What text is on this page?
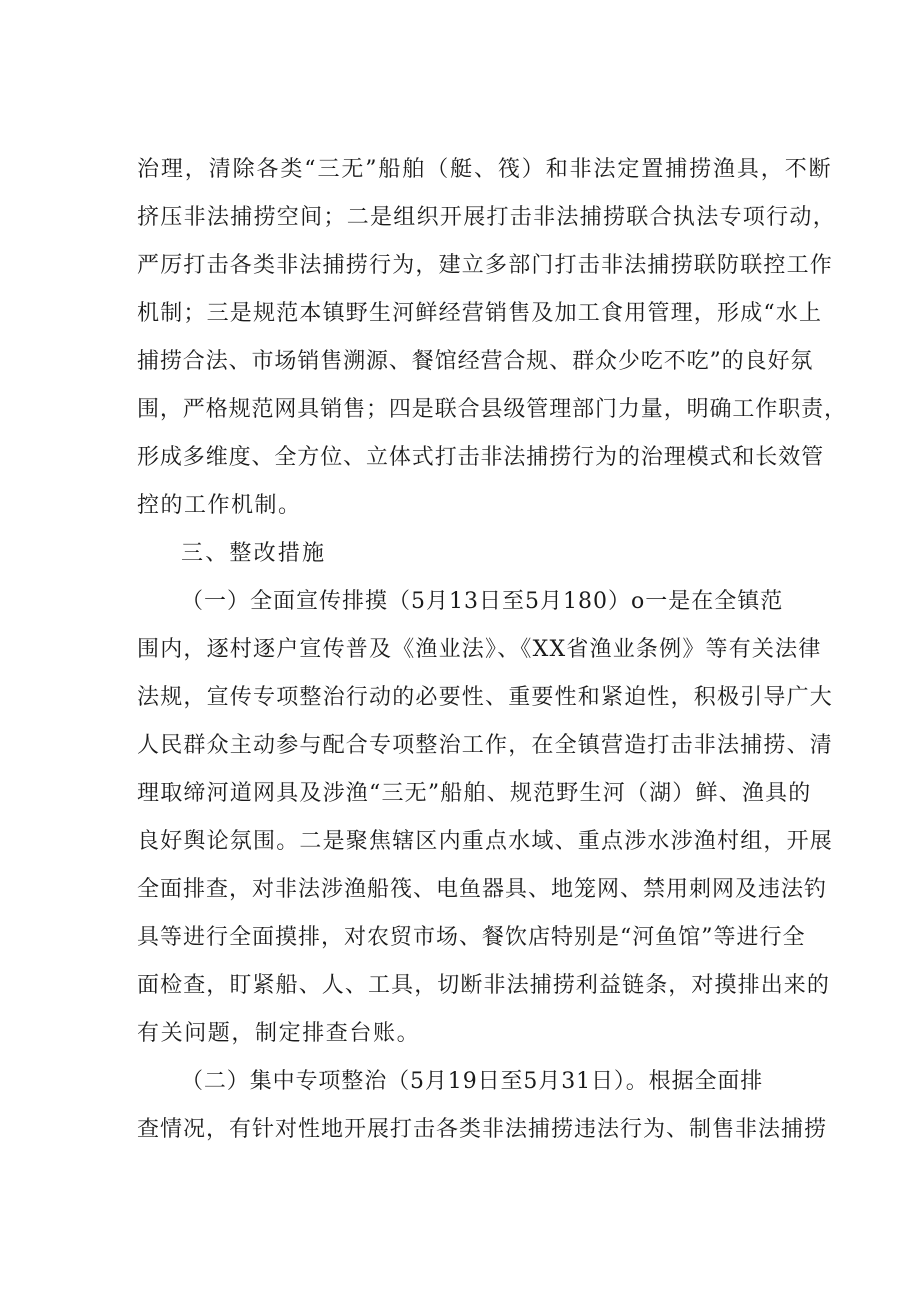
治理，清除各类“三无”船舶（艇、筏）和非法定置捕捞渔具，不断
挤压非法捕捞空间；二是组织开展打击非法捕捞联合执法专项行动，
严厉打击各类非法捕捞行为，建立多部门打击非法捕捞联防联控工作
机制；三是规范本镇野生河鲜经营销售及加工食用管理，形成“水上
捕捞合法、市场销售溯源、餐馆经营合规、群众少吃不吃”的良好氛
围，严格规范网具销售；四是联合县级管理部门力量，明确工作职责，
形成多维度、全方位、立体式打击非法捕捞行为的治理模式和长效管
控的工作机制。
三、整改措施
（一）全面宣传排摸（5月13日至5月180）o一是在全镇范
围内，逐村逐户宣传普及《渔业法》、《XX省渔业条例》等有关法律
法规，宣传专项整治行动的必要性、重要性和紧迫性，积极引导广大
人民群众主动参与配合专项整治工作，在全镇营造打击非法捕捞、清
理取缔河道网具及涉渔“三无”船舶、规范野生河（湖）鲜、渔具的
良好舆论氛围。二是聚焦辖区内重点水域、重点涉水涉渔村组，开展
全面排查，对非法涉渔船筏、电鱼器具、地笼网、禁用刺网及违法钓
具等进行全面摸排，对农贸市场、餐饮店特别是“河鱼馆”等进行全
面检查，盯紧船、人、工具，切断非法捕捞利益链条，对摸排出来的
有关问题，制定排查台账。
（二）集中专项整治（5月19日至5月31日）。根据全面排
查情况，有针对性地开展打击各类非法捕捞违法行为、制售非法捕捞
